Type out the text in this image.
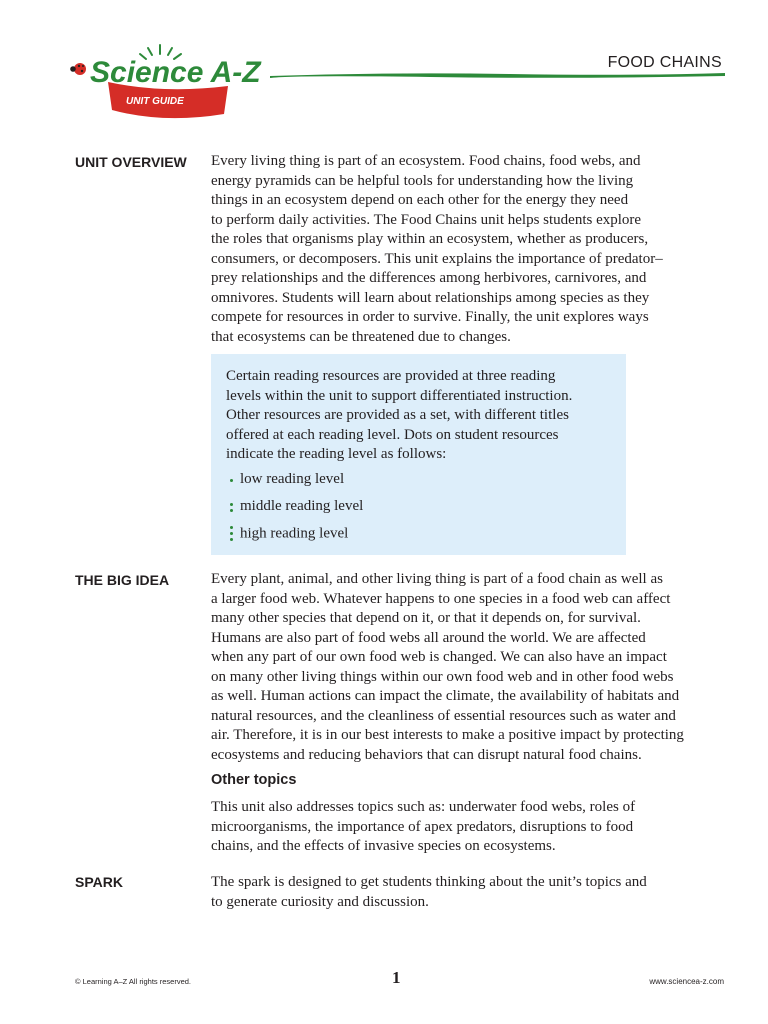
UNIT GUIDE
Science A-Z	FOOD CHAINS
UNIT OVERVIEW Every living thing is part of an ecosystem. Food chains, food webs, and
energy pyramids can be helpful tools for understanding how the living
things in an ecosystem depend on each other for the energy they need
to perform daily activities. The Food Chains unit helps students explore
the roles that organisms play within an ecosystem, whether as producers,
consumers, or decomposers. This unit explains the importance of predator–
prey relationships and the differences among herbivores, carnivores, and
omnivores. Students will learn about relationships among species as they
compete for resources in order to survive. Finally, the unit explores ways
that ecosystems can be threatened due to changes.
Certain reading resources are provided at three reading
levels within the unit to support differentiated instruction.
Other resources are provided as a set, with different titles
offered at each reading level. Dots on student resources
indicate the reading level as follows:
low reading level
middle reading level
high reading level
THE BIG IDEA	Every plant, animal, and other living thing is part of a food chain as well as
a larger food web. Whatever happens to one species in a food web can affect
many other species that depend on it, or that it depends on, for survival.
Humans are also part of food webs all around the world. We are affected
when any part of our own food web is changed. We can also have an impact
on many other living things within our own food web and in other food webs
as well. Human actions can impact the climate, the availability of habitats and
natural resources, and the cleanliness of essential resources such as water and
air. Therefore, it is in our best interests to make a positive impact by protecting
ecosystems and reducing behaviors that can disrupt natural food chains.
Other topics
This unit also addresses topics such as: underwater food webs, roles of
microorganisms, the importance of apex predators, disruptions to food
chains, and the effects of invasive species on ecosystems.
SPARK	The spark is designed to get students thinking about the unit’s topics and
to generate curiosity and discussion.
© Learning A–Z All rights reserved.	1	www.sciencea-z.com
